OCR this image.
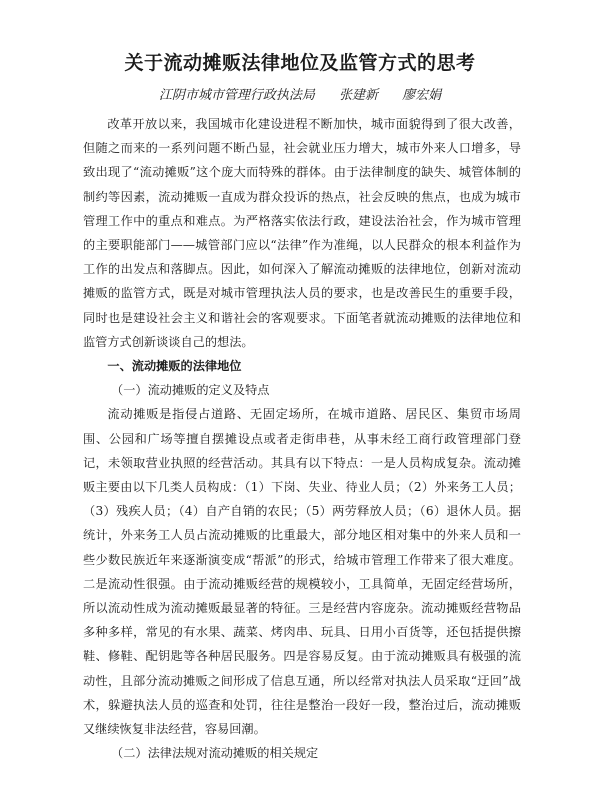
关于流动摊贩法律地位及监管方式的思考
江阴市城市管理行政执法局 张建新 廖宏娟

改革开放以来，我国城市化建设进程不断加快，城市面貌得到了很大改善，但随之而来的一系列问题不断凸显，社会就业压力增大，城市外来人口增多，导致出现了“流动摊贩”这个庞大而特殊的群体。由于法律制度的缺失、城管体制的制约等因素，流动摊贩一直成为群众投诉的热点，社会反映的焦点，也成为城市管理工作中的重点和难点。为严格落实依法行政，建设法治社会，作为城市管理的主要职能部门——城管部门应以“法律”作为准绳，以人民群众的根本利益作为工作的出发点和落脚点。因此，如何深入了解流动摊贩的法律地位，创新对流动摊贩的监管方式，既是对城市管理执法人员的要求，也是改善民生的重要手段，同时也是建设社会主义和谐社会的客观要求。下面笔者就流动摊贩的法律地位和监管方式创新谈谈自己的想法。

一、流动摊贩的法律地位
（一）流动摊贩的定义及特点

流动摊贩是指侵占道路、无固定场所，在城市道路、居民区、集贸市场周围、公园和广场等擅自摆摊设点或者走街串巷，从事未经工商行政管理部门登记，未领取营业执照的经营活动。其具有以下特点：一是人员构成复杂。流动摊贩主要由以下几类人员构成：（1）下岗、失业、待业人员；（2）外来务工人员；（3）残疾人员；（4）自产自销的农民；（5）两劳释放人员；（6）退休人员。据统计，外来务工人员占流动摊贩的比重最大，部分地区相对集中的外来人员和一些少数民族近年来逐渐演变成“帮派”的形式，给城市管理工作带来了很大难度。二是流动性很强。由于流动摊贩经营的规模较小，工具简单，无固定经营场所，所以流动性成为流动摊贩最显著的特征。三是经营内容庞杂。流动摊贩经营物品多种多样，常见的有水果、蔬菜、烤肉串、玩具、日用小百货等，还包括提供擦鞋、修鞋、配钥匙等各种居民服务。四是容易反复。由于流动摊贩具有极强的流动性，且部分流动摊贩之间形成了信息互通，所以经常对执法人员采取“迂回”战术，躲避执法人员的巡查和处罚，往往是整治一段好一段，整治过后，流动摊贩又继续恢复非法经营，容易回潮。

（二）法律法规对流动摊贩的相关规定
